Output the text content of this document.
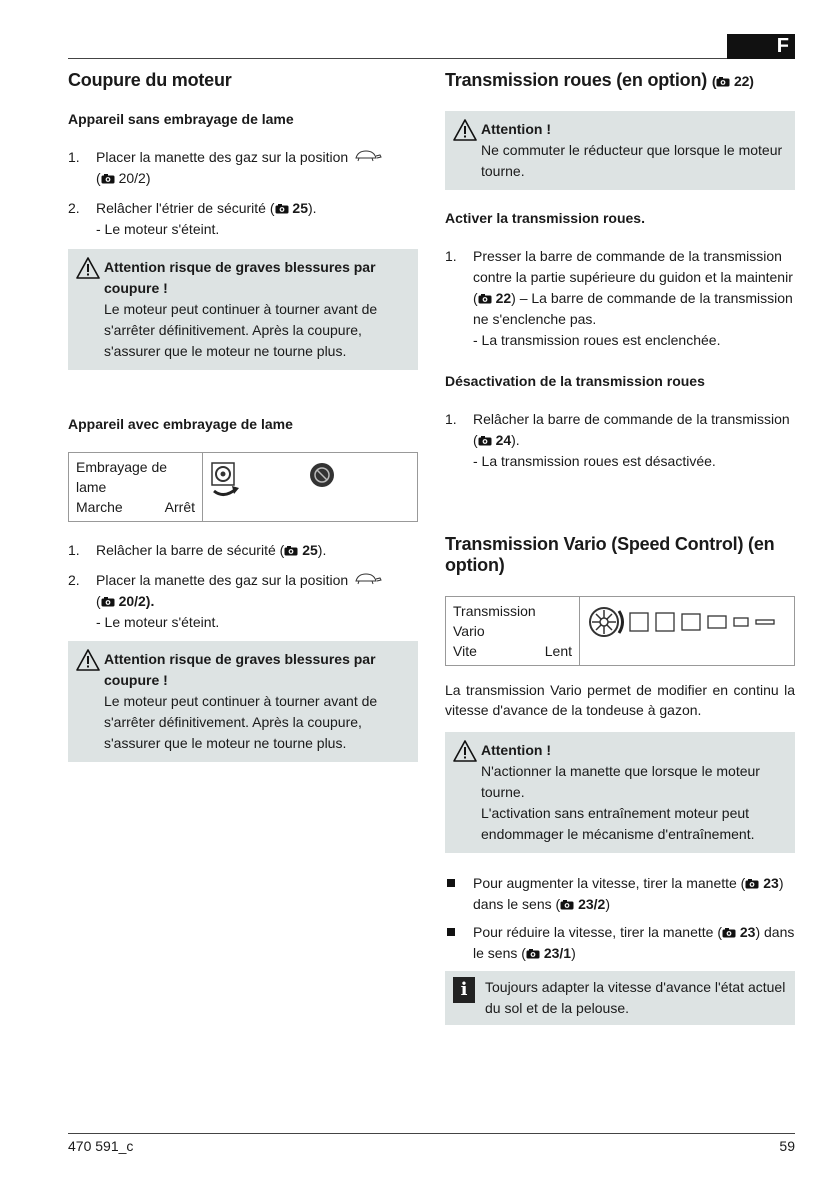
F
Coupure du moteur
Appareil sans embrayage de lame
1.	Placer la manette des gaz sur la position
( 20/2)
2.	Relâcher l'étrier de sécurité ( 25).
- Le moteur s'éteint.
Attention risque de graves blessures par coupure !
Le moteur peut continuer à tourner avant de s'arrêter définitivement. Après la coupure, s'assurer que le moteur ne tourne plus.
Appareil avec embrayage de lame
Embrayage de
lame
Marche	Arrêt
1.	Relâcher la barre de sécurité ( 25).
2.	Placer la manette des gaz sur la position
( 20/2).
- Le moteur s'éteint.
Attention risque de graves blessures par coupure !
Le moteur peut continuer à tourner avant de s'arrêter définitivement. Après la coupure, s'assurer que le moteur ne tourne plus.
Transmission roues (en option) ( 22)
Attention !
Ne commuter le réducteur que lorsque le moteur tourne.
Activer la transmission roues.
1.	Presser la barre de commande de la transmission contre la partie supérieure du guidon et la maintenir ( 22) – La barre de commande de la transmission ne s'enclenche pas.
- La transmission roues est enclenchée.
Désactivation de la transmission roues
1.	Relâcher la barre de commande de la transmission
( 24).
- La transmission roues est désactivée.
Transmission Vario (Speed Control) (en option)
Transmission
Vario
Vite	Lent
La transmission Vario permet de modifier en continu la vitesse d'avance de la tondeuse à gazon.
Attention !
N'actionner la manette que lorsque le moteur tourne.
L'activation sans entraînement moteur peut endommager le mécanisme d'entraînement.
Pour augmenter la vitesse, tirer la manette ( 23) dans le sens ( 23/2)
Pour réduire la vitesse, tirer la manette ( 23) dans le sens ( 23/1)
i	Toujours adapter la vitesse d'avance l'état actuel du sol et de la pelouse.
470 591_c	59
